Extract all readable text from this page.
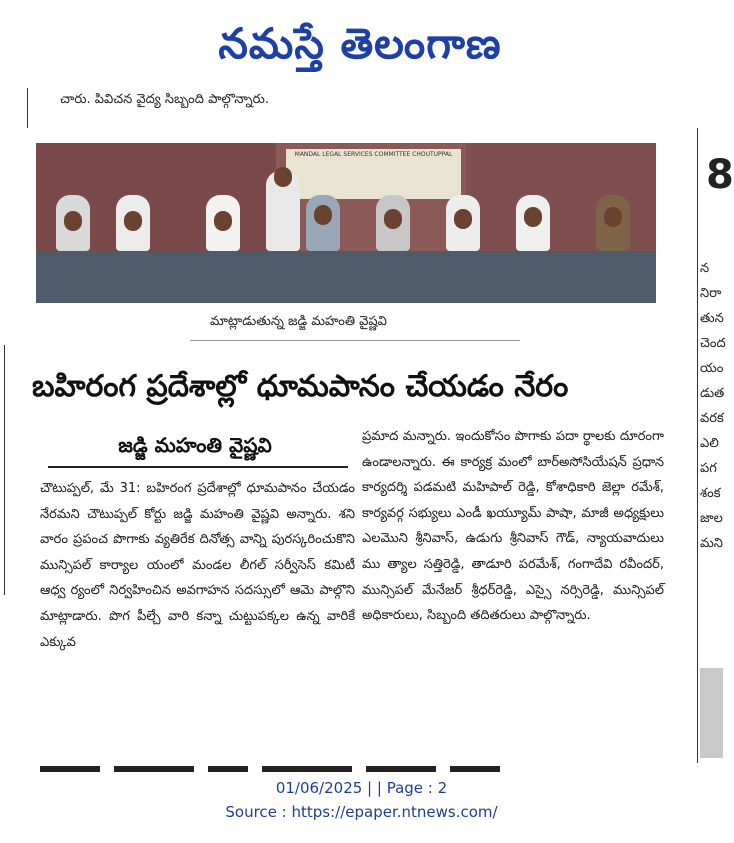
నమస్తే తెలంగాణ
చారు. పివిచన వైద్య సిబ్బంది పాల్గొన్నారు.
MANDAL LEGAL SERVICES COMMITTEE CHOUTUPPAL
మాట్లాడుతున్న జడ్జి మహంతి వైష్ణవి
బహిరంగ ప్రదేశాల్లో ధూమపానం చేయడం నేరం
జడ్జి మహంతి వైష్ణవి

చౌటుప్పల్, మే 31: బహిరంగ ప్రదేశాల్లో ధూమపానం చేయడం నేరమని చౌటుప్పల్ కోర్టు జడ్జి మహంతి వైష్ణవి అన్నారు. శని వారం ప్రపంచ పొగాకు వ్యతిరేక దినోత్స వాన్ని పురస్కరించుకొని మున్సిపల్ కార్యాల యంలో మండల లీగల్ సర్వీసెస్ కమిటీ ఆధ్వ ర్యంలో నిర్వహించిన అవగాహన సదస్సులో ఆమె పాల్గొని మాట్లాడారు. పొగ పీల్చే వారి కన్నా చుట్టుపక్కల ఉన్న వారికే ఎక్కువ

ప్రమాద మన్నారు. ఇందుకోసం పొగాకు పదా ర్థాలకు దూరంగా ఉండాలన్నారు. ఈ కార్యక్ర మంలో బార్‌అసోసియేషన్ ప్రధాన కార్యదర్శి పడమటి మహిపాల్ రెడ్డి, కోశాధికారి జెల్లా రమేశ్, కార్యవర్గ సభ్యులు ఎండీ ఖయ్యూమ్ పాషా, మాజీ అధ్యక్షులు ఎలమొని శ్రీనివాస్, ఉడుగు శ్రీనివాస్ గౌడ్, న్యాయవాదులు ము త్యాల సత్తిరెడ్డి, తాడూరి పరమేశ్, గంగాదేవి రవీందర్, మున్సిపల్ మేనేజర్ శ్రీధర్‌రెడ్డి, ఎస్సై నర్సిరెడ్డి, మున్సిపల్ అధికారులు, సిబ్బంది తదితరులు పాల్గొన్నారు.

8
న
నిరా
తున
చెంద
యం
డుత
వరక
ఎలి
పగ
శంక
జాల
మని
01/06/2025 | | Page : 2
Source : https://epaper.ntnews.com/
